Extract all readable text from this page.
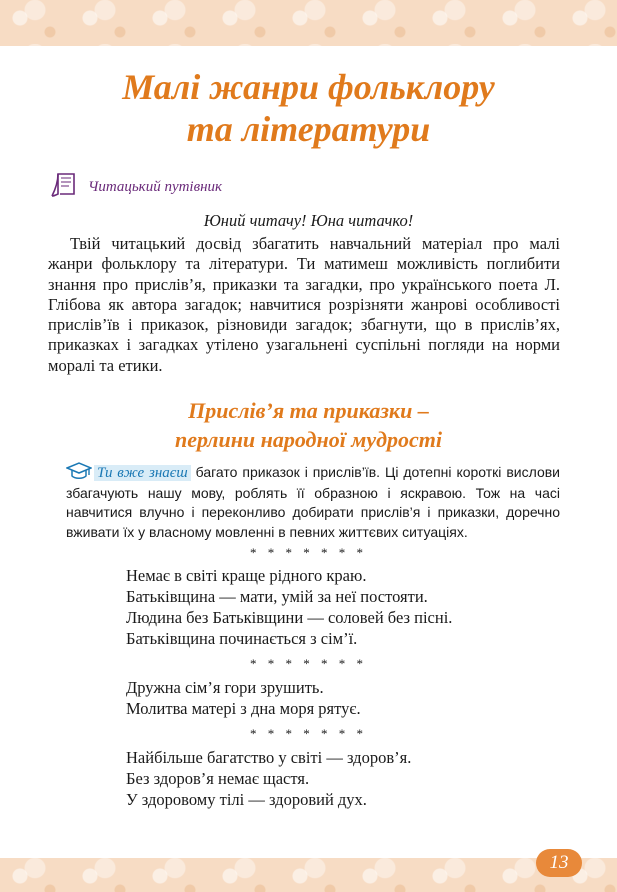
Малі жанри фольклору
та літератури
Читацький путівник
Юний читачу! Юна читачко!

Твій читацький досвід збагатить навчальний матеріал про малі жанри фольклору та літератури. Ти матимеш можливість поглибити знання про прислів’я, приказки та загадки, про українського поета Л. Глібова як автора загадок; навчитися розрізняти жанрові особливості прислів’їв і приказок, різновиди загадок; збагнути, що в прислів’ях, приказках і загадках утілено узагальнені суспільні погляди на норми моралі та етики.

Прислів’я та приказки –
перлини народної мудрості

Ти вже знаєш багато приказок і прислів’їв. Ці дотепні короткі вислови збагачують нашу мову, роблять її образною і яскравою. Тож на часі навчитися влучно і переконливо добирати прислів’я і приказки, доречно вживати їх у власному мовленні в певних життєвих ситуаціях.

* * * * * * *
Немає в світі краще рідного краю.
Батьківщина — мати, умій за неї постояти.
Людина без Батьківщини — соловей без пісні.
Батьківщина починається з сім’ї.
* * * * * * *
Дружна сім’я гори зрушить.
Молитва матері з дна моря рятує.
* * * * * * *
Найбільше багатство у світі — здоров’я.
Без здоров’я немає щастя.
У здоровому тілі — здоровий дух.
13
